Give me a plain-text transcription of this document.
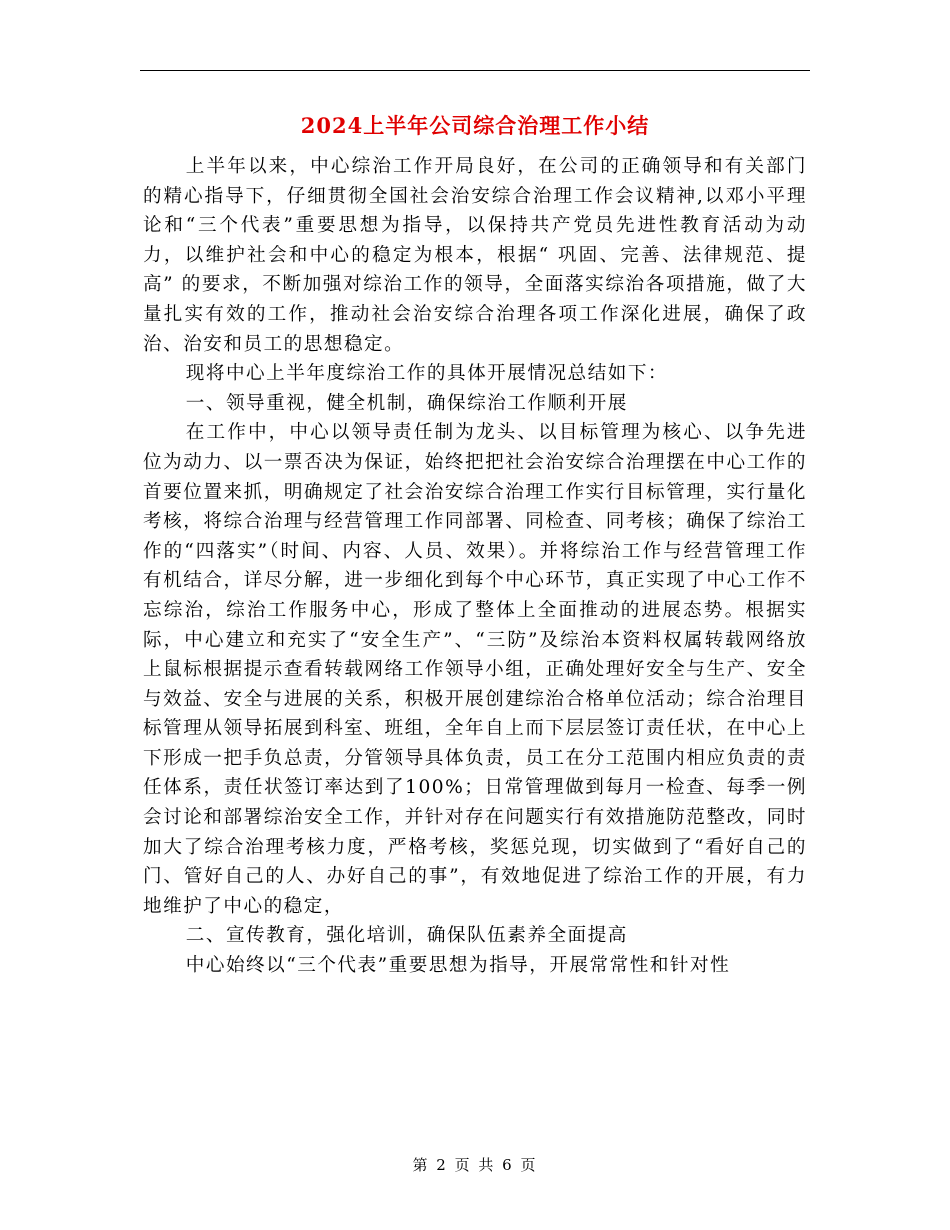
2024上半年公司综合治理工作小结

上半年以来，中心综治工作开局良好，在公司的正确领导和有关部门的精心指导下，仔细贯彻全国社会治安综合治理工作会议精神,以邓小平理论和“三个代表”重要思想为指导，以保持共产党员先进性教育活动为动力，以维护社会和中心的稳定为根本，根据“ 巩固、完善、法律规范、提高” 的要求，不断加强对综治工作的领导，全面落实综治各项措施，做了大量扎实有效的工作，推动社会治安综合治理各项工作深化进展，确保了政治、治安和员工的思想稳定。

现将中心上半年度综治工作的具体开展情况总结如下：

一、领导重视，健全机制，确保综治工作顺利开展

在工作中，中心以领导责任制为龙头、以目标管理为核心、以争先进位为动力、以一票否决为保证，始终把把社会治安综合治理摆在中心工作的首要位置来抓，明确规定了社会治安综合治理工作实行目标管理，实行量化考核，将综合治理与经营管理工作同部署、同检查、同考核；确保了综治工作的“四落实”（时间、内容、人员、效果）。并将综治工作与经营管理工作有机结合，详尽分解，进一步细化到每个中心环节，真正实现了中心工作不忘综治，综治工作服务中心，形成了整体上全面推动的进展态势。根据实际，中心建立和充实了“安全生产”、“三防”及综治本资料权属转载网络放上鼠标根据提示查看转载网络工作领导小组，正确处理好安全与生产、安全与效益、安全与进展的关系，积极开展创建综治合格单位活动；综合治理目标管理从领导拓展到科室、班组，全年自上而下层层签订责任状，在中心上下形成一把手负总责，分管领导具体负责，员工在分工范围内相应负责的责任体系，责任状签订率达到了100%；日常管理做到每月一检查、每季一例会讨论和部署综治安全工作，并针对存在问题实行有效措施防范整改，同时加大了综合治理考核力度，严格考核，奖惩兑现，切实做到了“看好自己的门、管好自己的人、办好自己的事”，有效地促进了综治工作的开展，有力地维护了中心的稳定，

二、宣传教育，强化培训，确保队伍素养全面提高

中心始终以“三个代表”重要思想为指导，开展常常性和针对性

第 2 页 共 6 页
